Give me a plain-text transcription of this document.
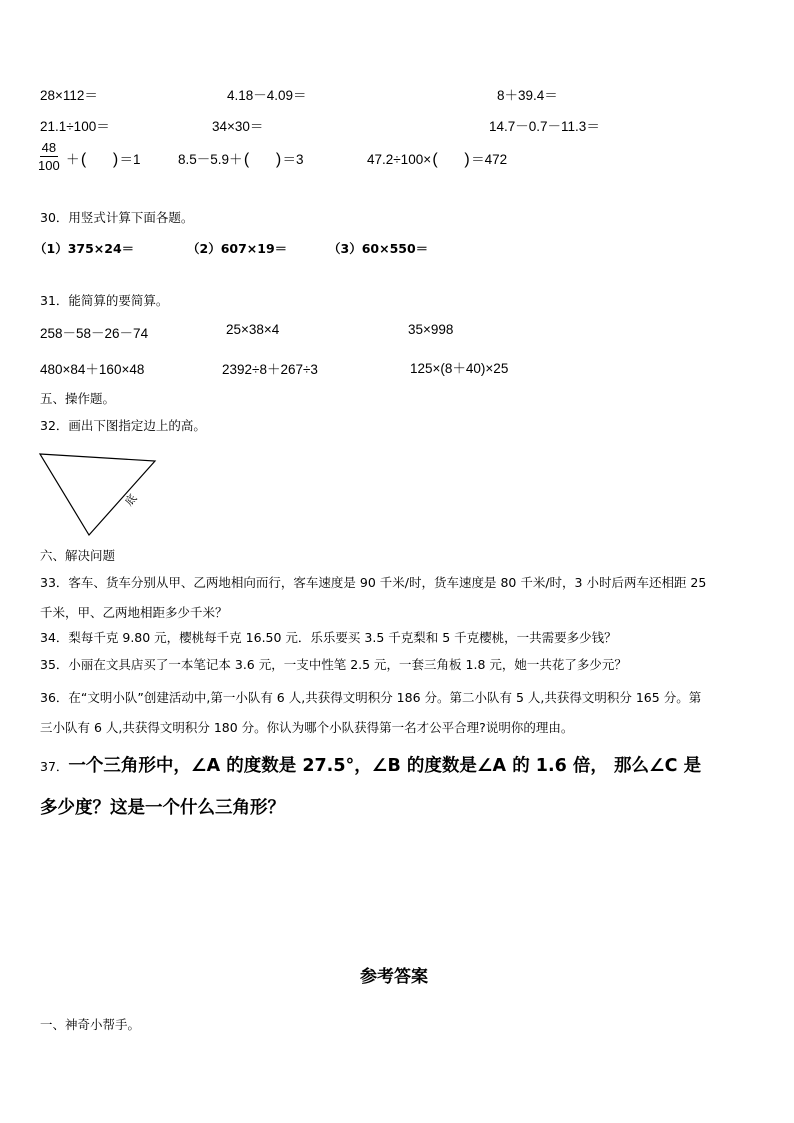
28×112＝	4.18－4.09＝	8＋39.4＝
21.1÷100＝	34×30＝	14.7－0.7－11.3＝
$\frac{48}{100}$ ＋( )＝1	8.5－5.9＋( )＝3	47.2÷100×( )＝472
30．用竖式计算下面各题。
（1）375×24＝	（2）607×19＝	（3）60×550＝
31．能简算的要简算。
258－58－26－74	25×38×4	35×998
480×84＋160×48	2392÷8＋267÷3	125×(8＋40)×25
五、操作题。
32．画出下图指定边上的高。
底
六、解决问题
33．客车、货车分别从甲、乙两地相向而行，客车速度是 90 千米/时，货车速度是 80 千米/时，3 小时后两车还相距 25
千米，甲、乙两地相距多少千米？
34．梨每千克 9.80 元，樱桃每千克 16.50 元．乐乐要买 3.5 千克梨和 5 千克樱桃，一共需要多少钱？
35．小丽在文具店买了一本笔记本 3.6 元，一支中性笔 2.5 元，一套三角板 1.8 元，她一共花了多少元？
36．在“文明小队”创建活动中,第一小队有 6 人,共获得文明积分 186 分。第二小队有 5 人,共获得文明积分 165 分。第
三小队有 6 人,共获得文明积分 180 分。你认为哪个小队获得第一名才公平合理?说明你的理由。
37．一个三角形中，∠A 的度数是 27.5°，∠B 的度数是∠A 的 1.6 倍， 那么∠C 是
多少度？这是一个什么三角形？
参考答案
一、神奇小帮手。
